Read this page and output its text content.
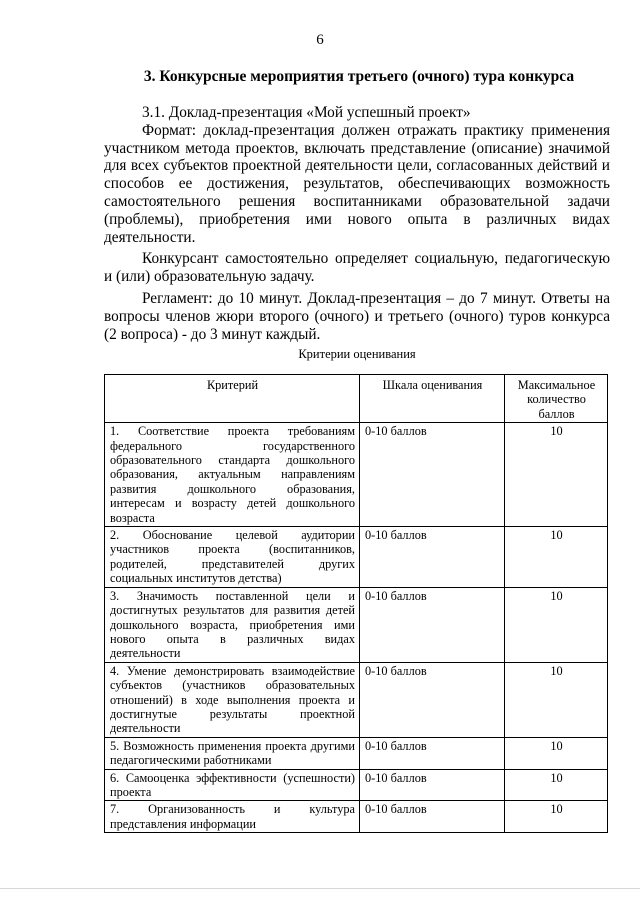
6
3. Конкурсные мероприятия третьего (очного) тура конкурса

3.1. Доклад-презентация «Мой успешный проект»

Формат: доклад-презентация должен отражать практику применения участником метода проектов, включать представление (описание) значимой для всех субъектов проектной деятельности цели, согласованных действий и способов ее достижения, результатов, обеспечивающих возможность самостоятельного решения воспитанниками образовательной задачи (проблемы), приобретения ими нового опыта в различных видах деятельности.

Конкурсант самостоятельно определяет социальную, педагогическую и (или) образовательную задачу.

Регламент: до 10 минут. Доклад-презентация – до 7 минут. Ответы на вопросы членов жюри второго (очного) и третьего (очного) туров конкурса (2 вопроса) - до 3 минут каждый.

Критерии оценивания
Критерий	Шкала оценивания	Максимальное количество баллов
1. Соответствие проекта требованиям федерального государственного образовательного стандарта дошкольного образования, актуальным направлениям развития дошкольного образования, интересам и возрасту детей дошкольного возраста	0-10 баллов	10
2. Обоснование целевой аудитории участников проекта (воспитанников, родителей, представителей других социальных институтов детства)	0-10 баллов	10
3. Значимость поставленной цели и достигнутых результатов для развития детей дошкольного возраста, приобретения ими нового опыта в различных видах деятельности	0-10 баллов	10
4. Умение демонстрировать взаимодействие субъектов (участников образовательных отношений) в ходе выполнения проекта и достигнутые результаты проектной деятельности	0-10 баллов	10
5. Возможность применения проекта другими педагогическими работниками	0-10 баллов	10
6. Самооценка эффективности (успешности) проекта	0-10 баллов	10
7. Организованность и культура представления информации	0-10 баллов	10
